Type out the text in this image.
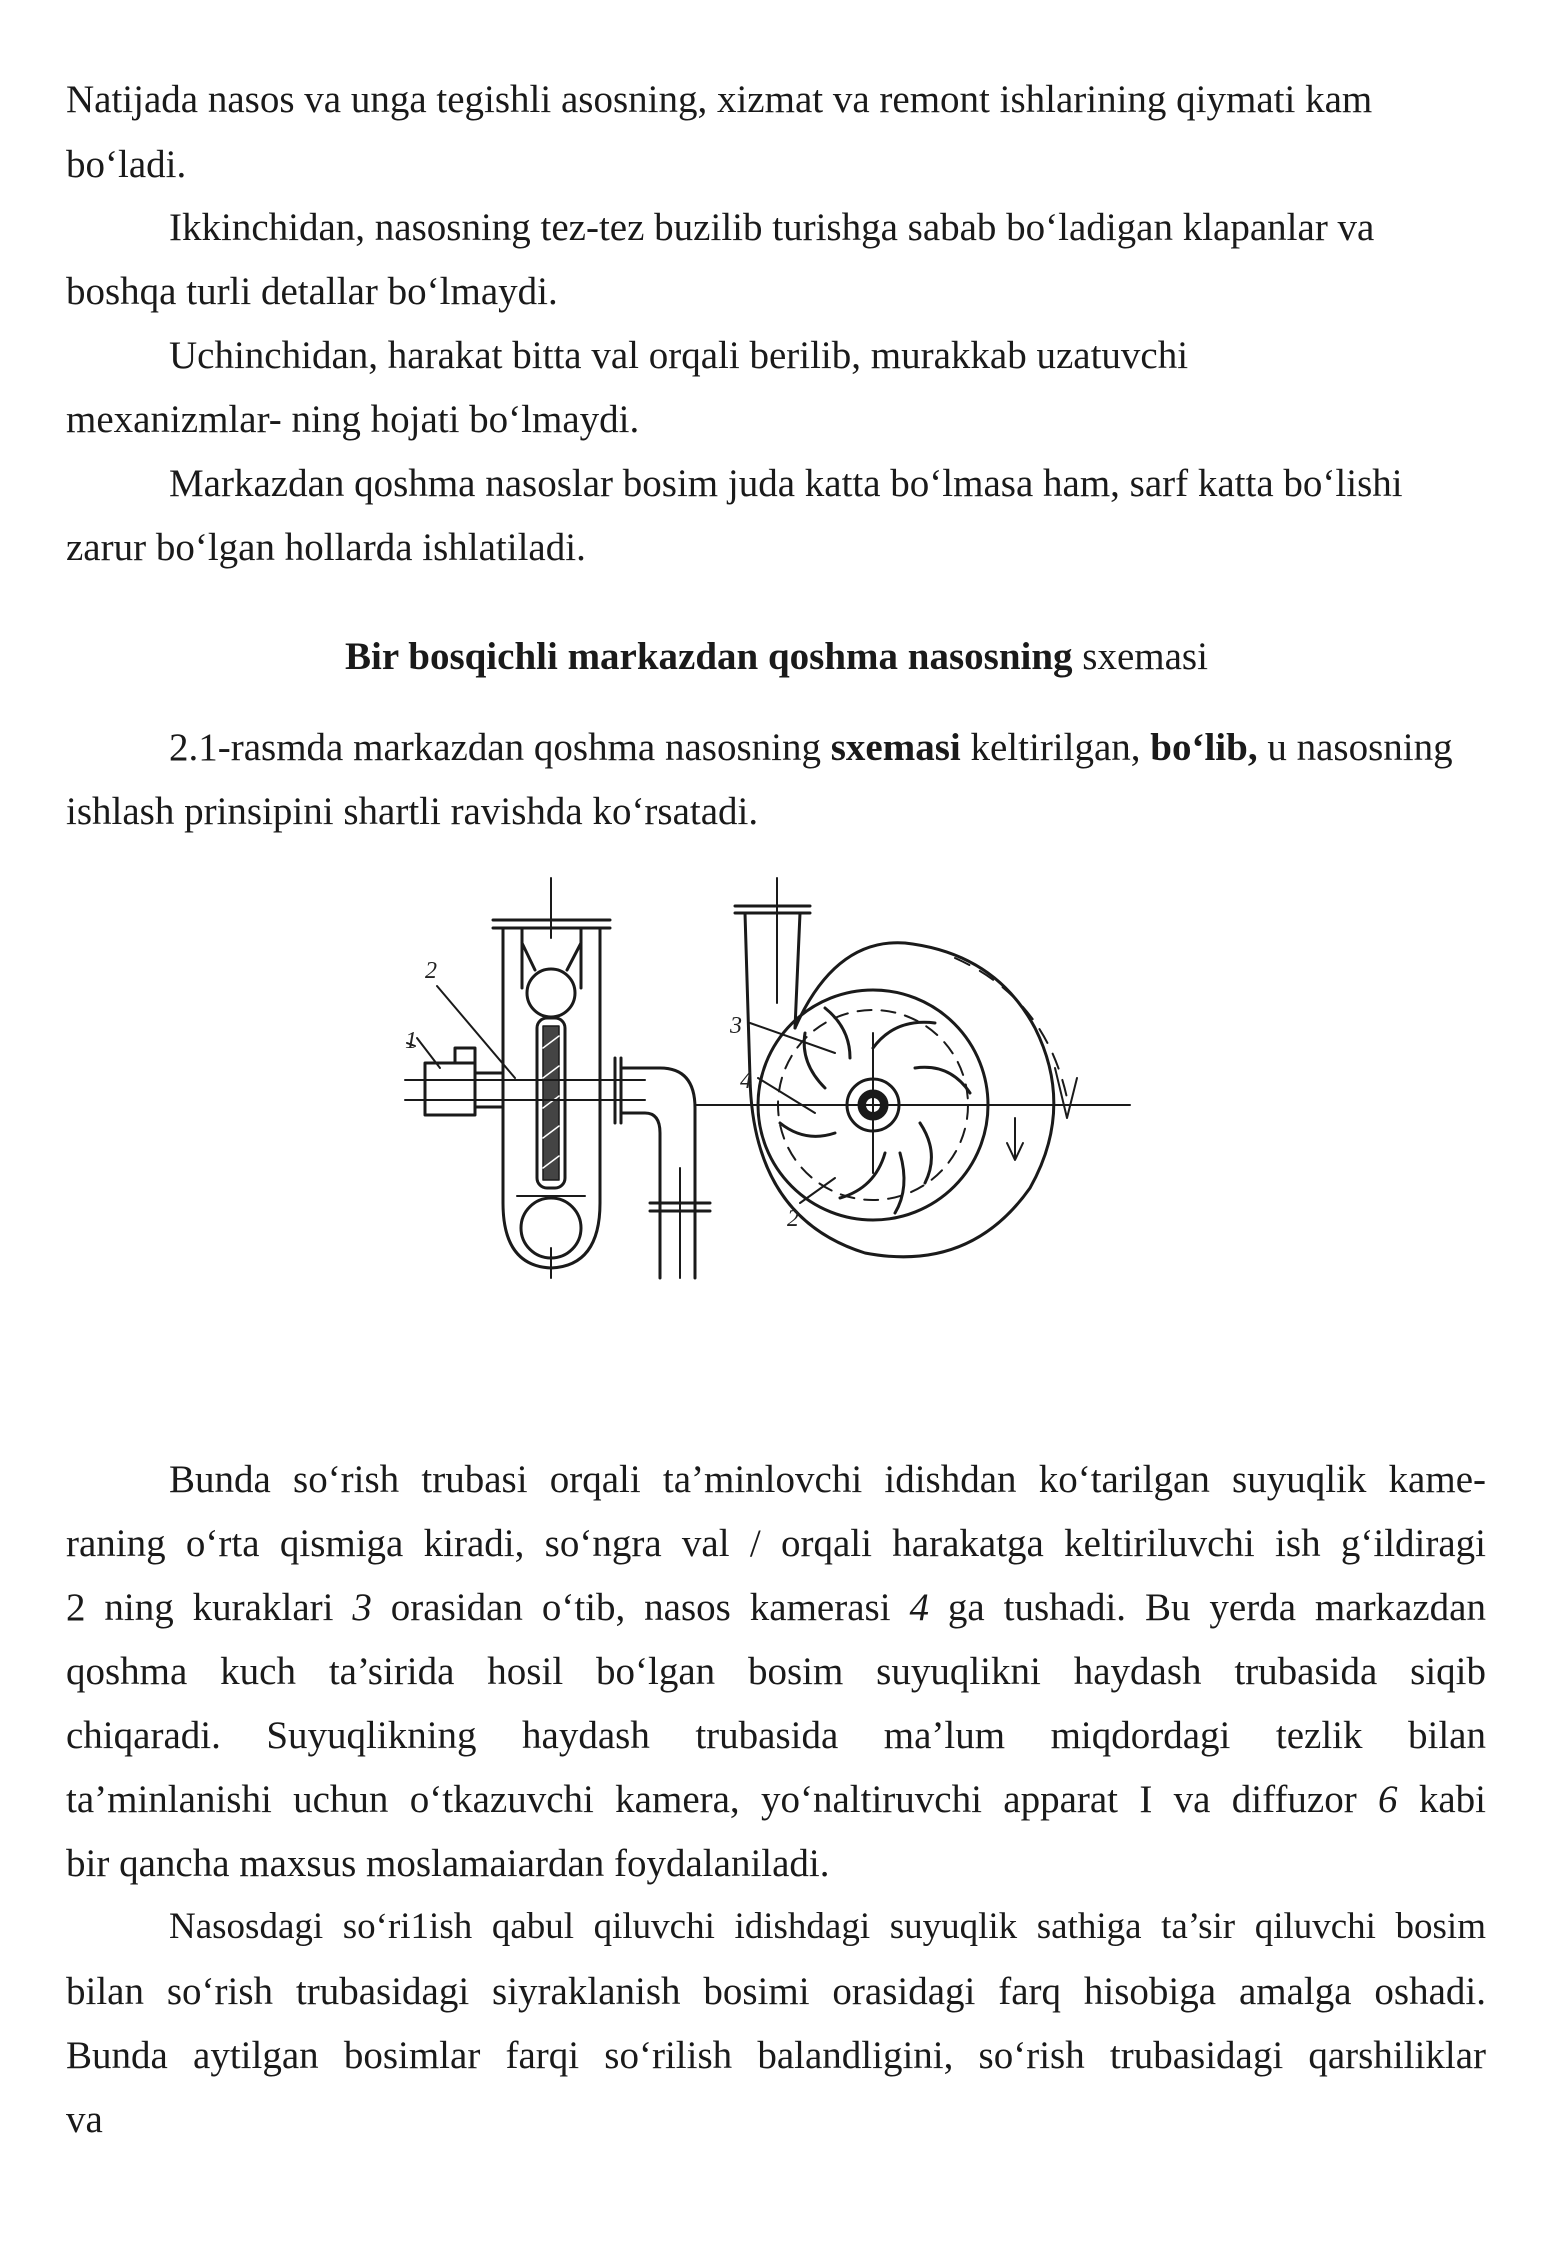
Natijada nasos va unga tegishli asosning, xizmat va remont ishlarining qiymati kam
bo‘ladi.
Ikkinchidan, nasosning tez-tez buzilib turishga sabab bo‘ladigan klapanlar va
boshqa turli detallar bo‘lmaydi.
Uchinchidan, harakat bitta val orqali berilib, murakkab uzatuvchi
mexanizmlar- ning hojati bo‘lmaydi.
Markazdan qoshma nasoslar bosim juda katta bo‘lmasa ham, sarf katta bo‘lishi
zarur bo‘lgan hollarda ishlatiladi.
Bir bosqichli markazdan qoshma nasosning sxemasi
2.1-rasmda markazdan qoshma nasosning sxemasi keltirilgan, bo‘lib, u nasosning
ishlash prinsipini shartli ravishda ko‘rsatadi.
2
1
3
4
2
Bunda so‘rish trubasi orqali ta’minlovchi idishdan ko‘tarilgan suyuqlik kame-
raning o‘rta qismiga kiradi, so‘ngra val / orqali harakatga keltiriluvchi ish g‘ildiragi
2 ning kuraklari 3 orasidan o‘tib, nasos kamerasi 4 ga tushadi. Bu yerda markazdan
qoshma kuch ta’sirida hosil bo‘lgan bosim suyuqlikni haydash trubasida siqib
chiqaradi. Suyuqlikning haydash trubasida ma’lum miqdordagi tezlik bilan
ta’minlanishi uchun o‘tkazuvchi kamera, yo‘naltiruvchi apparat I va diffuzor 6 kabi
bir qancha maxsus moslamaiardan foydalaniladi.
Nasosdagi so‘ri1ish qabul qiluvchi idishdagi suyuqlik sathiga ta’sir qiluvchi bosim
bilan so‘rish trubasidagi siyraklanish bosimi orasidagi farq hisobiga amalga oshadi.
Bunda aytilgan bosimlar farqi so‘rilish balandligini, so‘rish trubasidagi qarshiliklar
va
